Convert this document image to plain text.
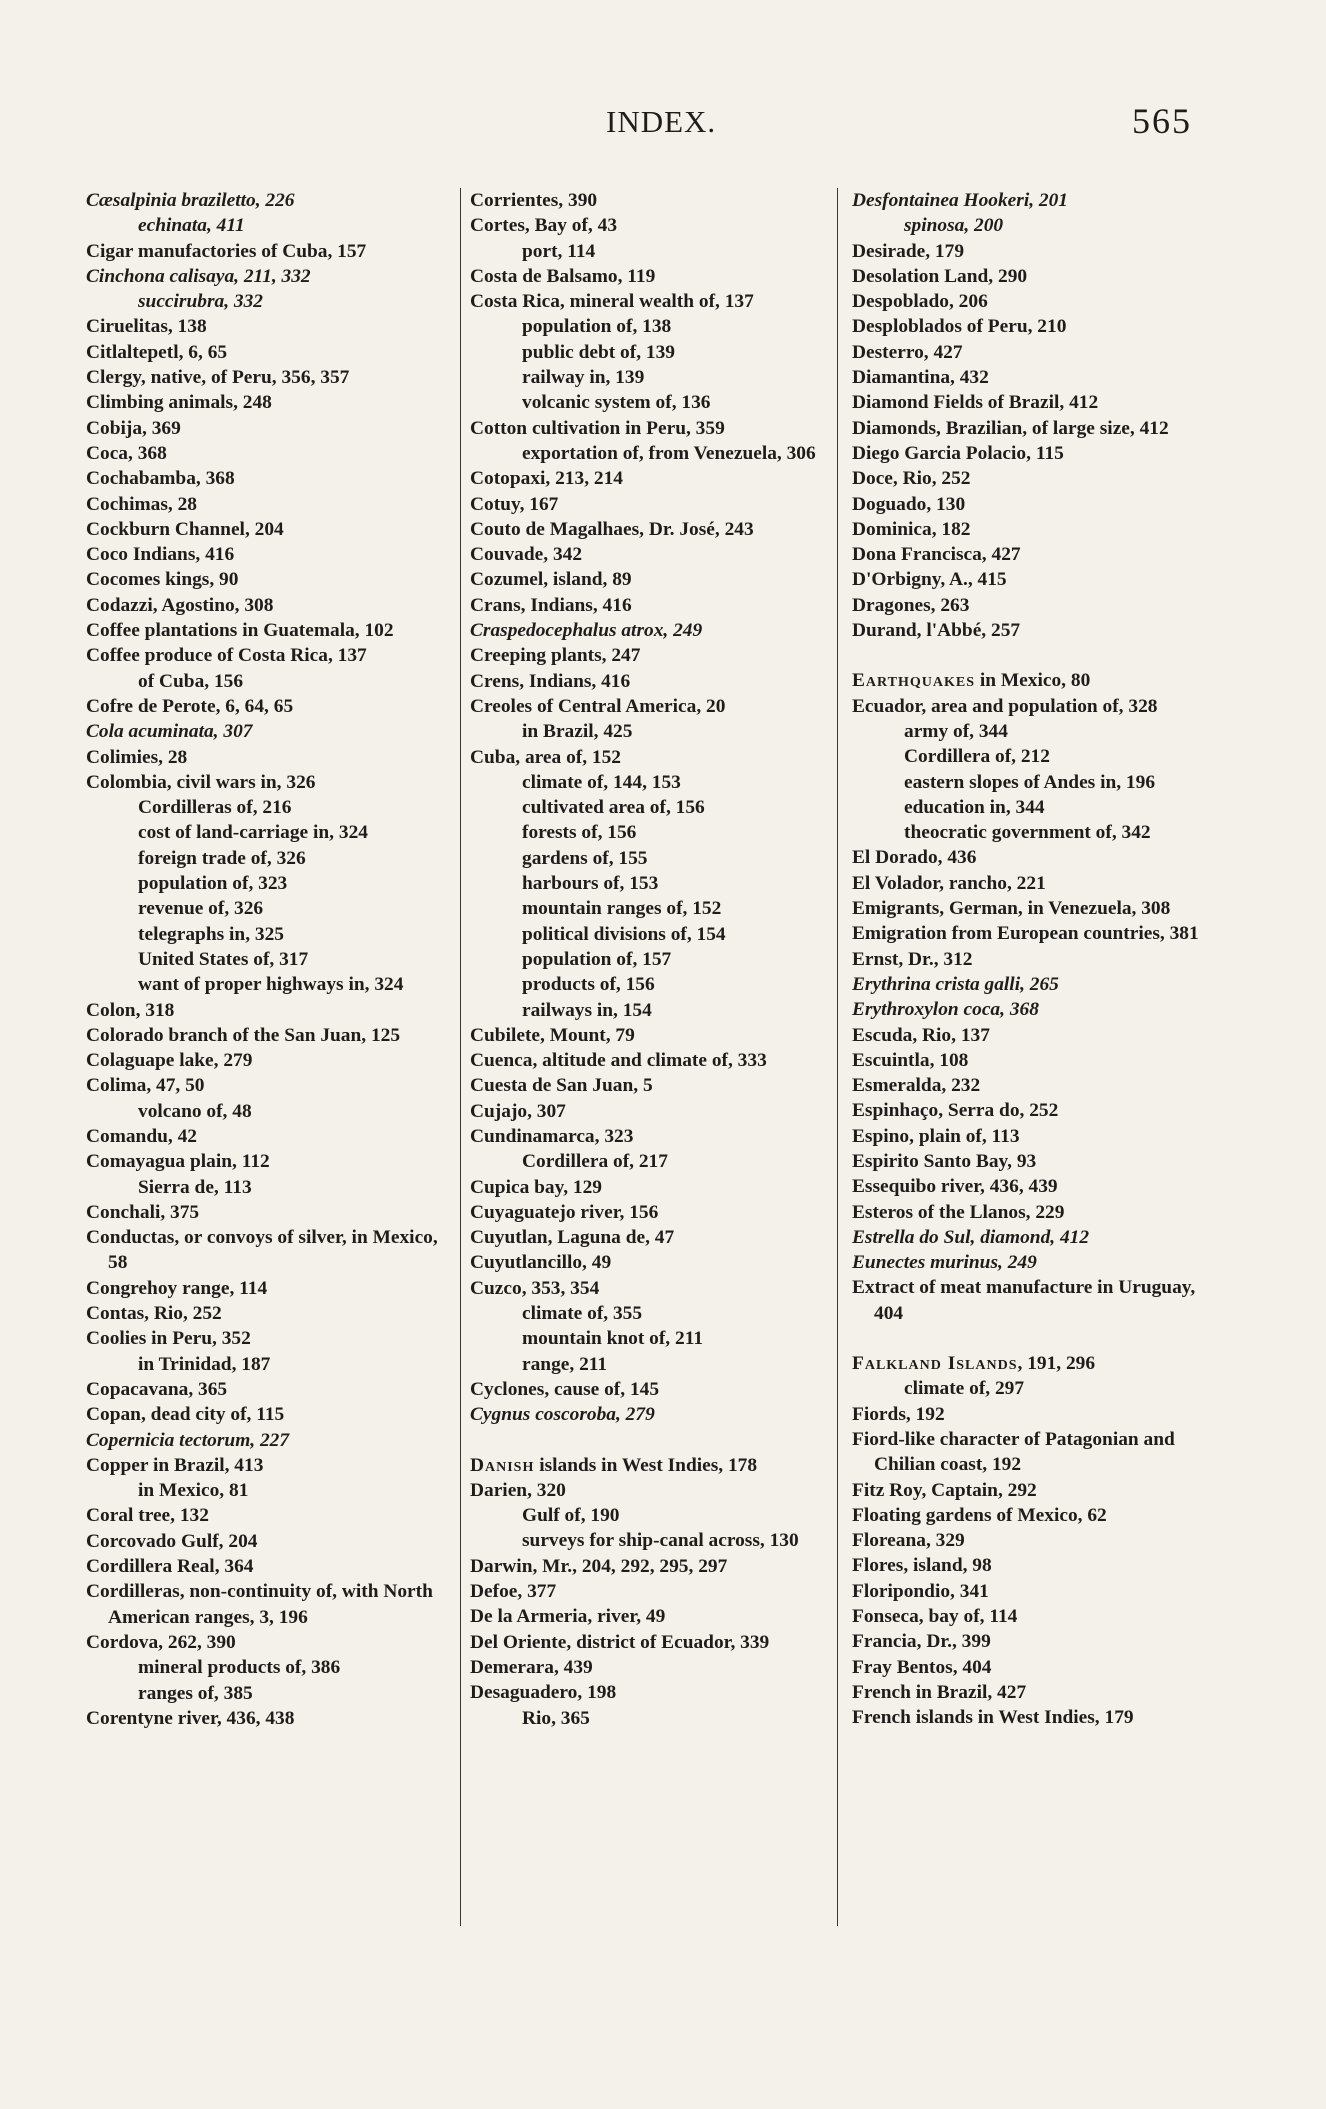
INDEX.	565
Cæsalpinia braziletto, 226
echinata, 411
Cigar manufactories of Cuba, 157
Cinchona calisaya, 211, 332
succirubra, 332
Ciruelitas, 138
Citlaltepetl, 6, 65
Clergy, native, of Peru, 356, 357
Climbing animals, 248
Cobija, 369
Coca, 368
Cochabamba, 368
Cochimas, 28
Cockburn Channel, 204
Coco Indians, 416
Cocomes kings, 90
Codazzi, Agostino, 308
Coffee plantations in Guatemala, 102
Coffee produce of Costa Rica, 137
of Cuba, 156
Cofre de Perote, 6, 64, 65
Cola acuminata, 307
Colimies, 28
Colombia, civil wars in, 326
Cordilleras of, 216
cost of land-carriage in, 324
foreign trade of, 326
population of, 323
revenue of, 326
telegraphs in, 325
United States of, 317
want of proper highways in, 324
Colon, 318
Colorado branch of the San Juan, 125
Colaguape lake, 279
Colima, 47, 50
volcano of, 48
Comandu, 42
Comayagua plain, 112
Sierra de, 113
Conchali, 375
Conductas, or convoys of silver, in Mexico, 58
Congrehoy range, 114
Contas, Rio, 252
Coolies in Peru, 352
in Trinidad, 187
Copacavana, 365
Copan, dead city of, 115
Copernicia tectorum, 227
Copper in Brazil, 413
in Mexico, 81
Coral tree, 132
Corcovado Gulf, 204
Cordillera Real, 364
Cordilleras, non-continuity of, with North American ranges, 3, 196
Cordova, 262, 390
mineral products of, 386
ranges of, 385
Corentyne river, 436, 438
Corrientes, 390
Cortes, Bay of, 43
port, 114
Costa de Balsamo, 119
Costa Rica, mineral wealth of, 137
population of, 138
public debt of, 139
railway in, 139
volcanic system of, 136
Cotton cultivation in Peru, 359
exportation of, from Venezuela, 306
Cotopaxi, 213, 214
Cotuy, 167
Couto de Magalhaes, Dr. José, 243
Couvade, 342
Cozumel, island, 89
Crans, Indians, 416
Craspedocephalus atrox, 249
Creeping plants, 247
Crens, Indians, 416
Creoles of Central America, 20
in Brazil, 425
Cuba, area of, 152
climate of, 144, 153
cultivated area of, 156
forests of, 156
gardens of, 155
harbours of, 153
mountain ranges of, 152
political divisions of, 154
population of, 157
products of, 156
railways in, 154
Cubilete, Mount, 79
Cuenca, altitude and climate of, 333
Cuesta de San Juan, 5
Cujajo, 307
Cundinamarca, 323
Cordillera of, 217
Cupica bay, 129
Cuyaguatejo river, 156
Cuyutlan, Laguna de, 47
Cuyutlancillo, 49
Cuzco, 353, 354
climate of, 355
mountain knot of, 211
range, 211
Cyclones, cause of, 145
Cygnus coscoroba, 279
Danish islands in West Indies, 178
Darien, 320
Gulf of, 190
surveys for ship-canal across, 130
Darwin, Mr., 204, 292, 295, 297
Defoe, 377
De la Armeria, river, 49
Del Oriente, district of Ecuador, 339
Demerara, 439
Desaguadero, 198
Rio, 365
Desfontainea Hookeri, 201
spinosa, 200
Desirade, 179
Desolation Land, 290
Despoblado, 206
Desploblados of Peru, 210
Desterro, 427
Diamantina, 432
Diamond Fields of Brazil, 412
Diamonds, Brazilian, of large size, 412
Diego Garcia Polacio, 115
Doce, Rio, 252
Doguado, 130
Dominica, 182
Dona Francisca, 427
D'Orbigny, A., 415
Dragones, 263
Durand, l'Abbé, 257
Earthquakes in Mexico, 80
Ecuador, area and population of, 328
army of, 344
Cordillera of, 212
eastern slopes of Andes in, 196
education in, 344
theocratic government of, 342
El Dorado, 436
El Volador, rancho, 221
Emigrants, German, in Venezuela, 308
Emigration from European countries, 381
Ernst, Dr., 312
Erythrina crista galli, 265
Erythroxylon coca, 368
Escuda, Rio, 137
Escuintla, 108
Esmeralda, 232
Espinhaço, Serra do, 252
Espino, plain of, 113
Espirito Santo Bay, 93
Essequibo river, 436, 439
Esteros of the Llanos, 229
Estrella do Sul, diamond, 412
Eunectes murinus, 249
Extract of meat manufacture in Uruguay, 404
Falkland Islands, 191, 296
climate of, 297
Fiords, 192
Fiord-like character of Patagonian and Chilian coast, 192
Fitz Roy, Captain, 292
Floating gardens of Mexico, 62
Floreana, 329
Flores, island, 98
Floripondio, 341
Fonseca, bay of, 114
Francia, Dr., 399
Fray Bentos, 404
French in Brazil, 427
French islands in West Indies, 179
